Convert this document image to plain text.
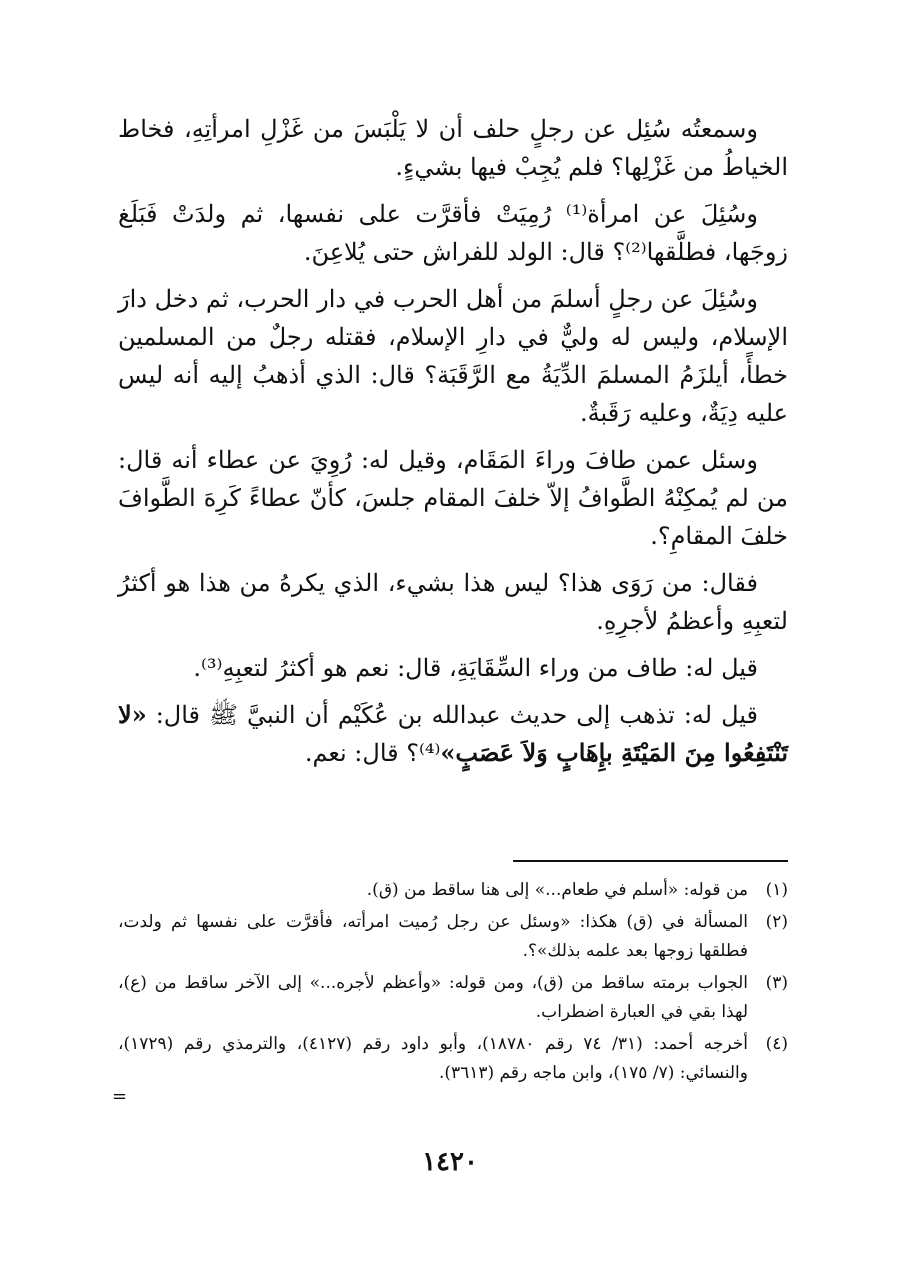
وسمعتُه سُئِل عن رجلٍ حلف أن لا يَلْبَسَ من غَزْلِ امرأتِهِ، فخاط الخياطُ من غَزْلِها؟ فلم يُجِبْ فيها بشيءٍ.

وسُئِلَ عن امرأة⁽¹⁾ رُمِيَتْ فأقرَّت على نفسها، ثم ولدَتْ فَبَلَغ زوجَها، فطلَّقها⁽²⁾؟ قال: الولد للفراش حتى يُلاعِنَ.

وسُئِلَ عن رجلٍ أسلمَ من أهل الحرب في دار الحرب، ثم دخل دارَ الإسلام، وليس له وليٌّ في دارِ الإسلام، فقتله رجلٌ من المسلمين خطأً، أيلزَمُ المسلمَ الدِّيَةُ مع الرَّقَبَة؟ قال: الذي أذهبُ إليه أنه ليس عليه دِيَةٌ، وعليه رَقَبةٌ.

وسئل عمن طافَ وراءَ المَقَام، وقيل له: رُوِيَ عن عطاء أنه قال: من لم يُمكِنْهُ الطَّوافُ إلاّ خلفَ المقام جلسَ، كأنّ عطاءً كَرِهَ الطَّوافَ خلفَ المقامِ؟.

فقال: من رَوَى هذا؟ ليس هذا بشيء، الذي يكرهُ من هذا هو أكثرُ لتعبِهِ وأعظمُ لأجرِهِ.

قيل له: طاف من وراء السِّقَايَةِ، قال: نعم هو أكثرُ لتعبِهِ⁽³⁾.

قيل له: تذهب إلى حديث عبدالله بن عُكَيْم أن النبيَّ ﷺ قال: «لا تَنْتَفِعُوا مِنَ المَيْتَةِ بإِهَابٍ وَلاَ عَصَبٍ»⁽⁴⁾؟ قال: نعم.

(١)
من قوله: «أسلم في طعام...» إلى هنا ساقط من (ق).
(٢)
المسألة في (ق) هكذا: «وسئل عن رجل رُميت امرأته، فأقرَّت على نفسها ثم ولدت، فطلقها زوجها بعد علمه بذلك»؟.
(٣)
الجواب برمته ساقط من (ق)، ومن قوله: «وأعظم لأجره...» إلى الآخر ساقط من (ع)، لهذا بقي في العبارة اضطراب.
(٤)
أخرجه أحمد: (٣١/ ٧٤ رقم ١٨٧٨٠)، وأبو داود رقم (٤١٢٧)، والترمذي رقم (١٧٢٩)، والنسائي: (٧/ ١٧٥)، وابن ماجه رقم (٣٦١٣).
=
١٤٢٠
